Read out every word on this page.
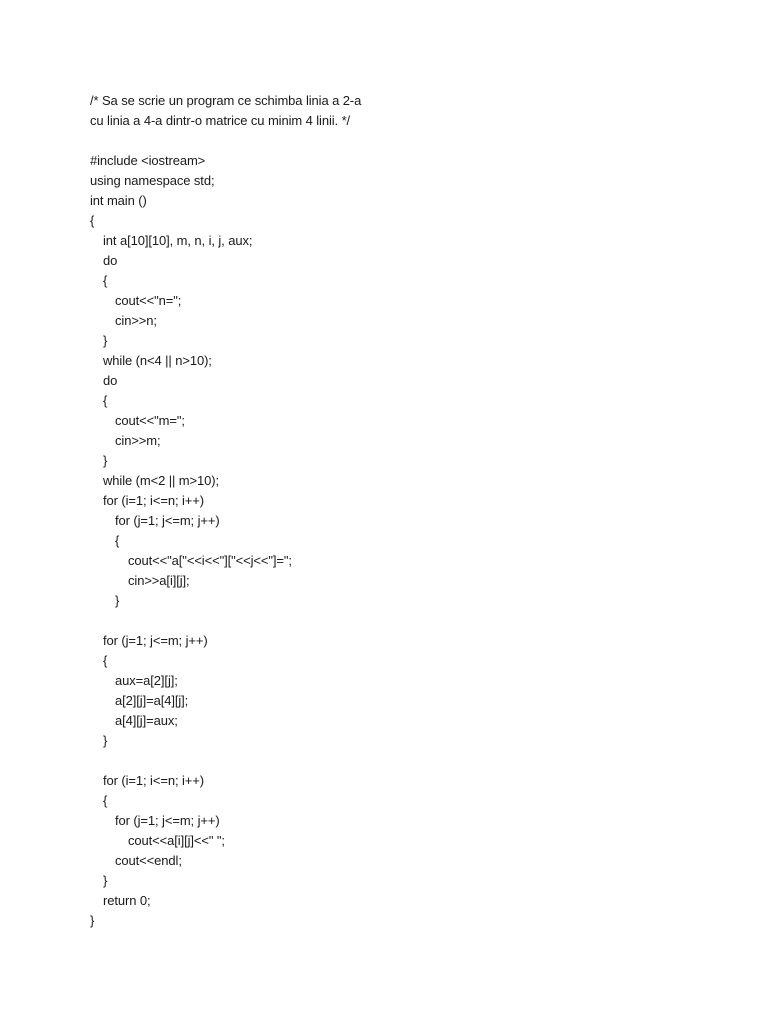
/* Sa se scrie un program ce schimba linia a 2-a
cu linia a 4-a dintr-o matrice cu minim 4 linii. */
#include <iostream>
using namespace std;
int main ()
{
int a[10][10], m, n, i, j, aux;
do
{
cout<<"n=";
cin>>n;
}
while (n<4 || n>10);
do
{
cout<<"m=";
cin>>m;
}
while (m<2 || m>10);
for (i=1; i<=n; i++)
for (j=1; j<=m; j++)
{
cout<<"a["<<i<<"]["<<j<<"]=";
cin>>a[i][j];
}
for (j=1; j<=m; j++)
{
aux=a[2][j];
a[2][j]=a[4][j];
a[4][j]=aux;
}
for (i=1; i<=n; i++)
{
for (j=1; j<=m; j++)
cout<<a[i][j]<<" ";
cout<<endl;
}
return 0;
}
